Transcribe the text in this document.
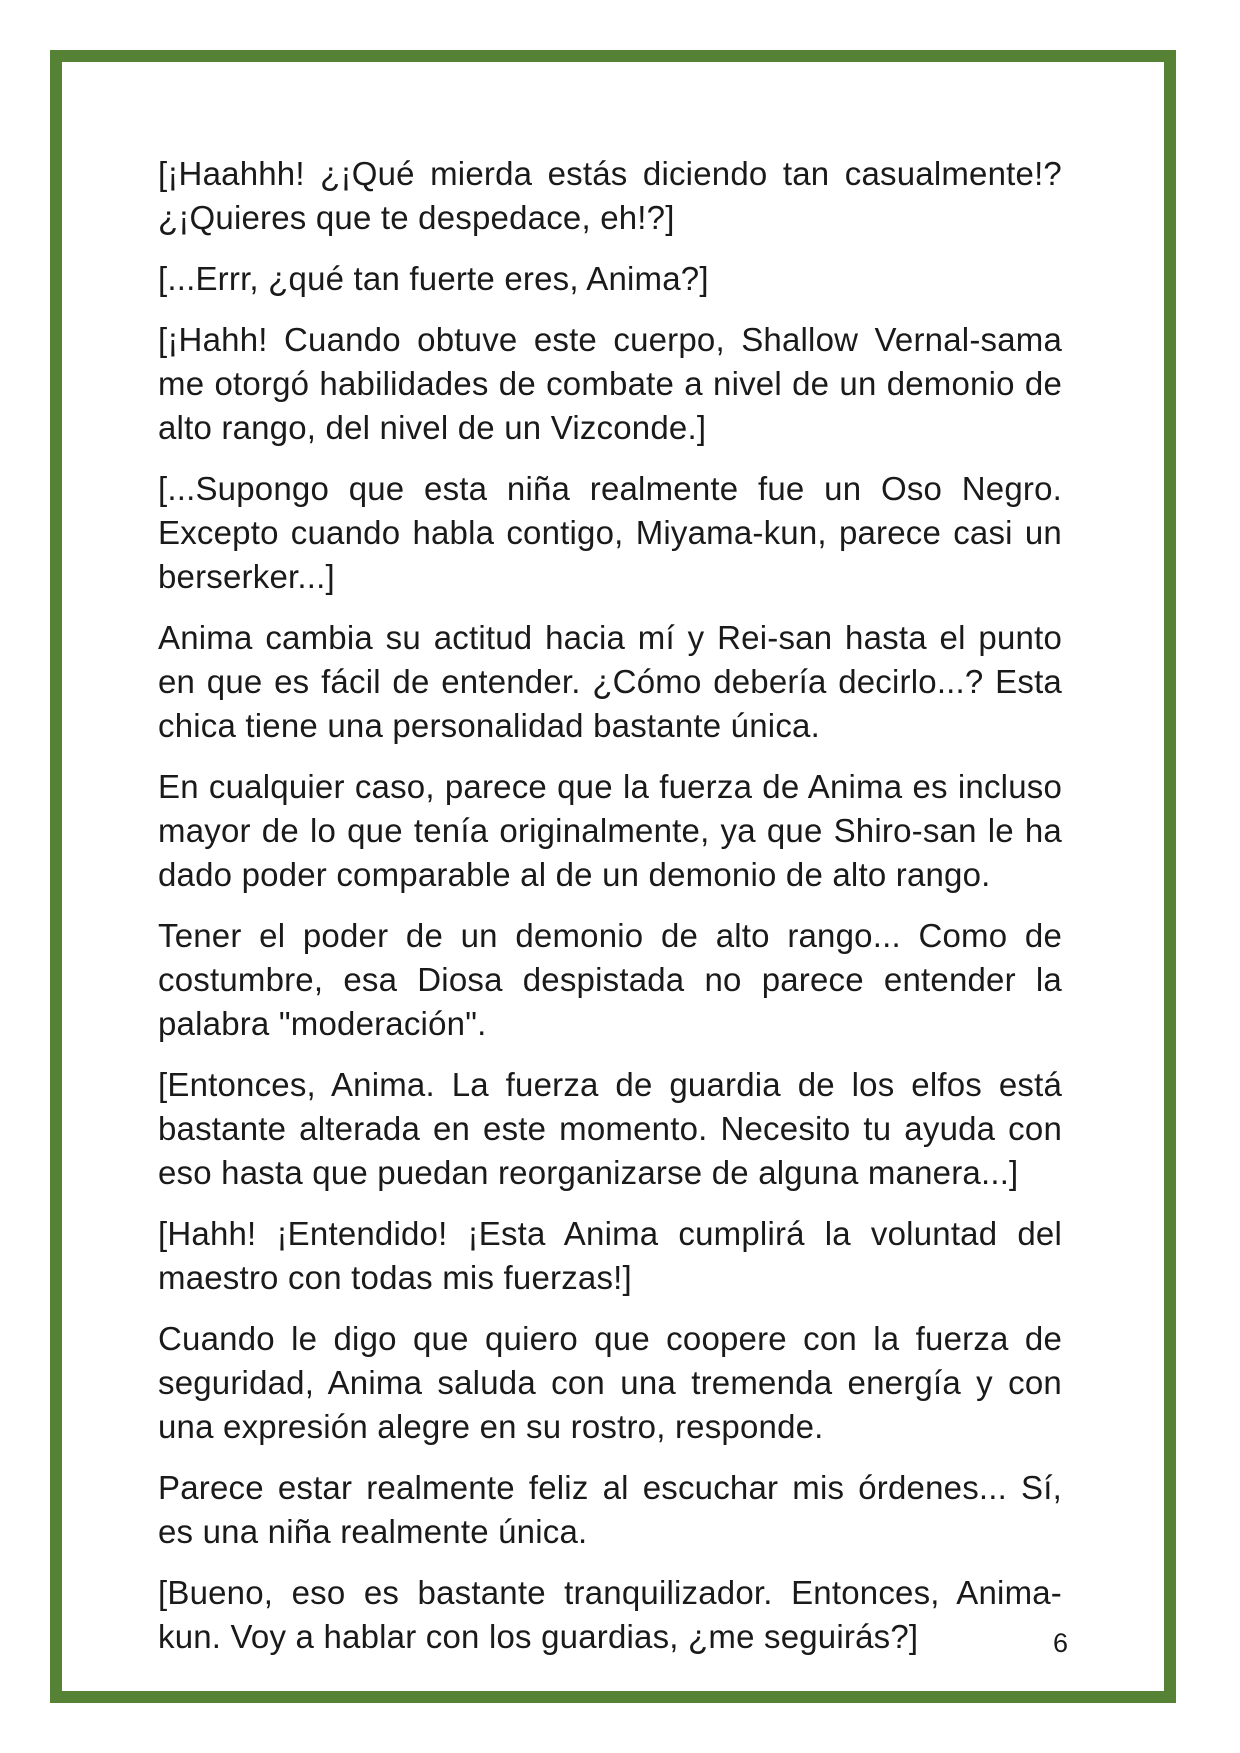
[¡Haahhh! ¿¡Qué mierda estás diciendo tan casualmente!? ¿¡Quieres que te despedace, eh!?]

[...Errr, ¿qué tan fuerte eres, Anima?]

[¡Hahh! Cuando obtuve este cuerpo, Shallow Vernal-sama me otorgó habilidades de combate a nivel de un demonio de alto rango, del nivel de un Vizconde.]

[...Supongo que esta niña realmente fue un Oso Negro. Excepto cuando habla contigo, Miyama-kun, parece casi un berserker...]

Anima cambia su actitud hacia mí y Rei-san hasta el punto en que es fácil de entender. ¿Cómo debería decirlo...? Esta chica tiene una personalidad bastante única.

En cualquier caso, parece que la fuerza de Anima es incluso mayor de lo que tenía originalmente, ya que Shiro-san le ha dado poder comparable al de un demonio de alto rango.

Tener el poder de un demonio de alto rango... Como de costumbre, esa Diosa despistada no parece entender la palabra "moderación".

[Entonces, Anima. La fuerza de guardia de los elfos está bastante alterada en este momento. Necesito tu ayuda con eso hasta que puedan reorganizarse de alguna manera...]

[Hahh! ¡Entendido! ¡Esta Anima cumplirá la voluntad del maestro con todas mis fuerzas!]

Cuando le digo que quiero que coopere con la fuerza de seguridad, Anima saluda con una tremenda energía y con una expresión alegre en su rostro, responde.

Parece estar realmente feliz al escuchar mis órdenes... Sí, es una niña realmente única.

[Bueno, eso es bastante tranquilizador. Entonces, Anima-kun. Voy a hablar con los guardias, ¿me seguirás?]	6
